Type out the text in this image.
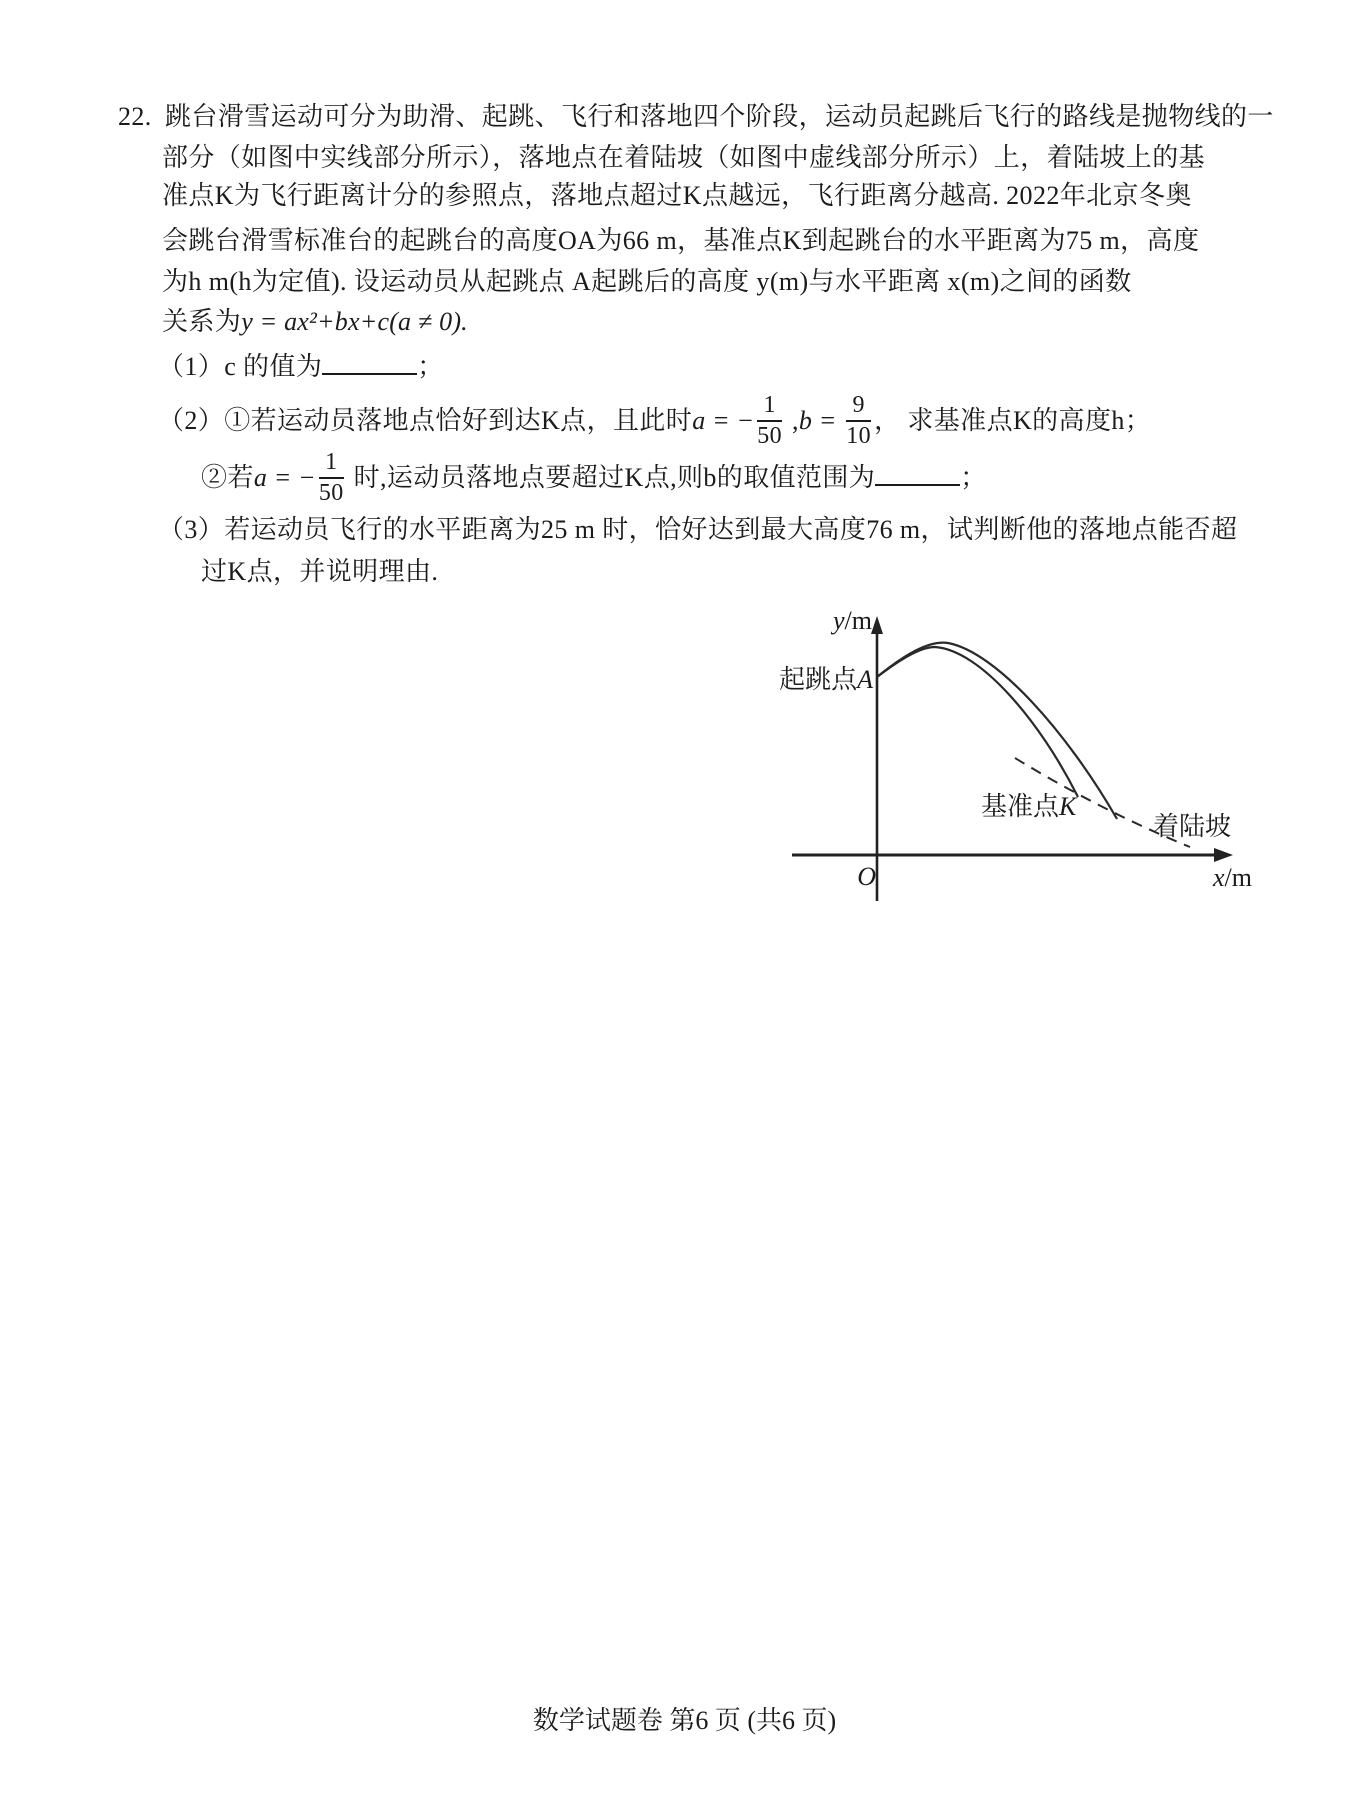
22. 跳台滑雪运动可分为助滑、起跳、飞行和落地四个阶段，运动员起跳后飞行的路线是抛物线的一
部分（如图中实线部分所示），落地点在着陆坡（如图中虚线部分所示）上，着陆坡上的基
准点K为飞行距离计分的参照点，落地点超过K点越远，飞行距离分越高. 2022年北京冬奥
会跳台滑雪标准台的起跳台的高度OA为66 m，基准点K到起跳台的水平距离为75 m，高度
为h m(h为定值). 设运动员从起跳点 A起跳后的高度 y(m)与水平距离 x(m)之间的函数
关系为y = ax²+bx+c(a ≠ 0).
（1）c 的值为	；
（2）①若运动员落地点恰好到达K点，且此时a = − $\frac{1}{50} ,b = \frac{9}{10}$ ， 求基准点K的高度h；
②若a = − $\frac{1}{50}$ 时,运动员落地点要超过K点,则b的取值范围为	；
（3）若运动员飞行的水平距离为25 m 时，恰好达到最大高度76 m，试判断他的落地点能否超
过K点，并说明理由.
y/m
x/m
O
起跳点A
基准点K
着陆坡
数学试题卷 第6 页 (共6 页)
